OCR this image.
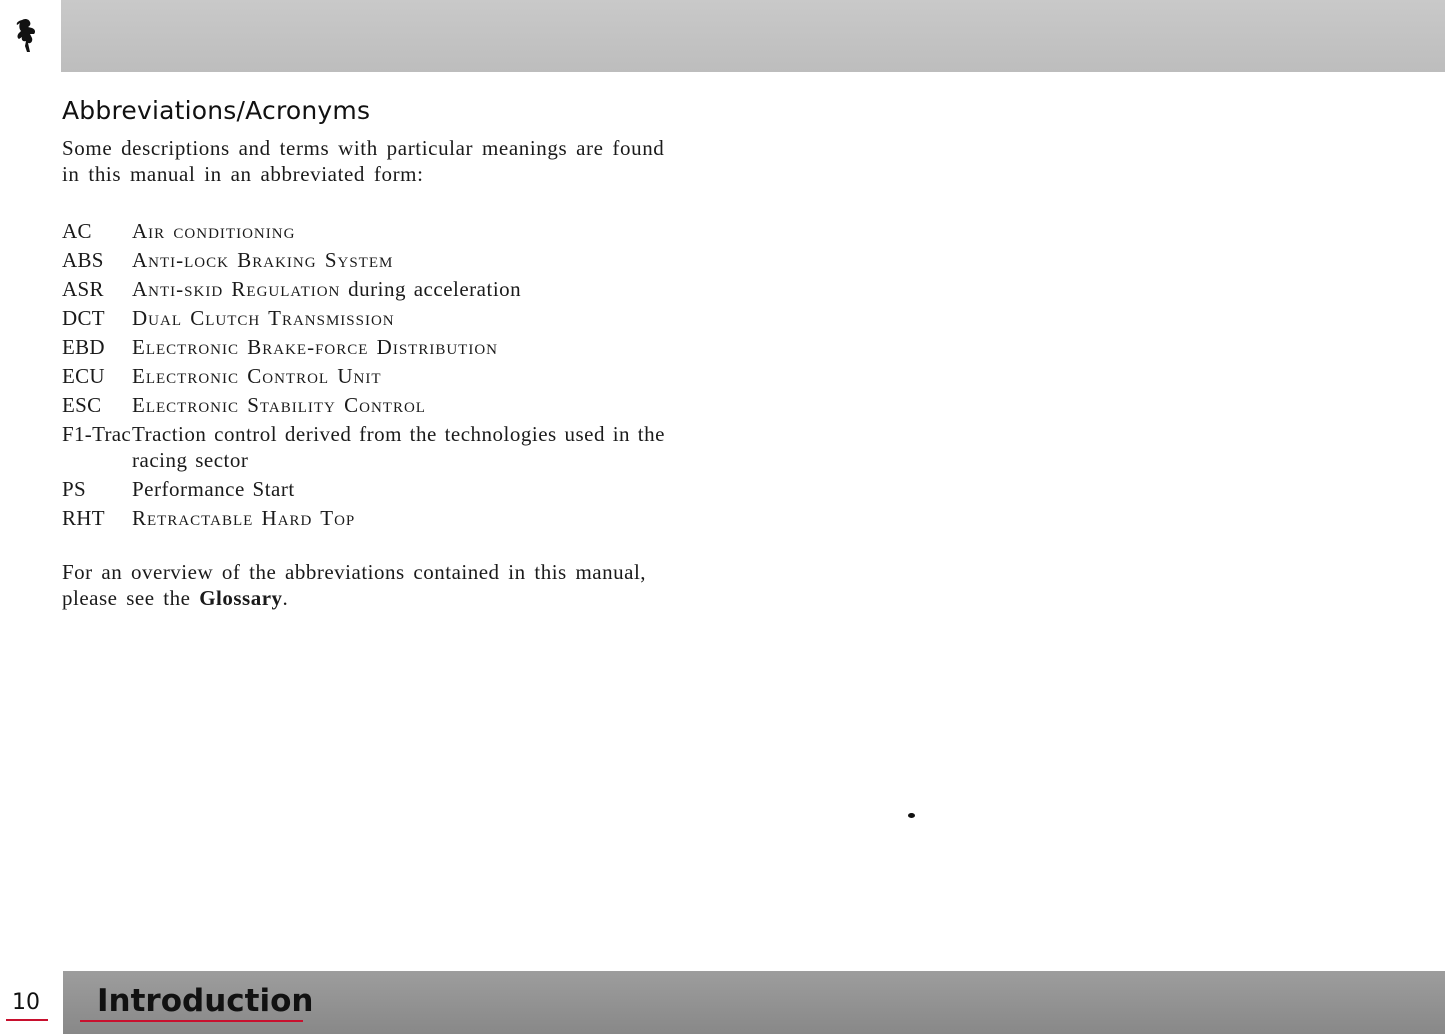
Abbreviations/Acronyms

Some descriptions and terms with particular meanings are found in this manual in an abbreviated form:

AC	Air conditioning
ABS	Anti-lock Braking System
ASR	Anti-skid Regulation during acceleration
DCT	Dual Clutch Transmission
EBD	Electronic Brake-force Distribution
ECU	Electronic Control Unit
ESC	Electronic Stability Control
F1-Trac Traction control derived from the technologies used in the racing sector
PS	Performance Start
RHT	Retractable Hard Top

For an overview of the abbreviations contained in this manual, please see the Glossary.

10 Introduction
